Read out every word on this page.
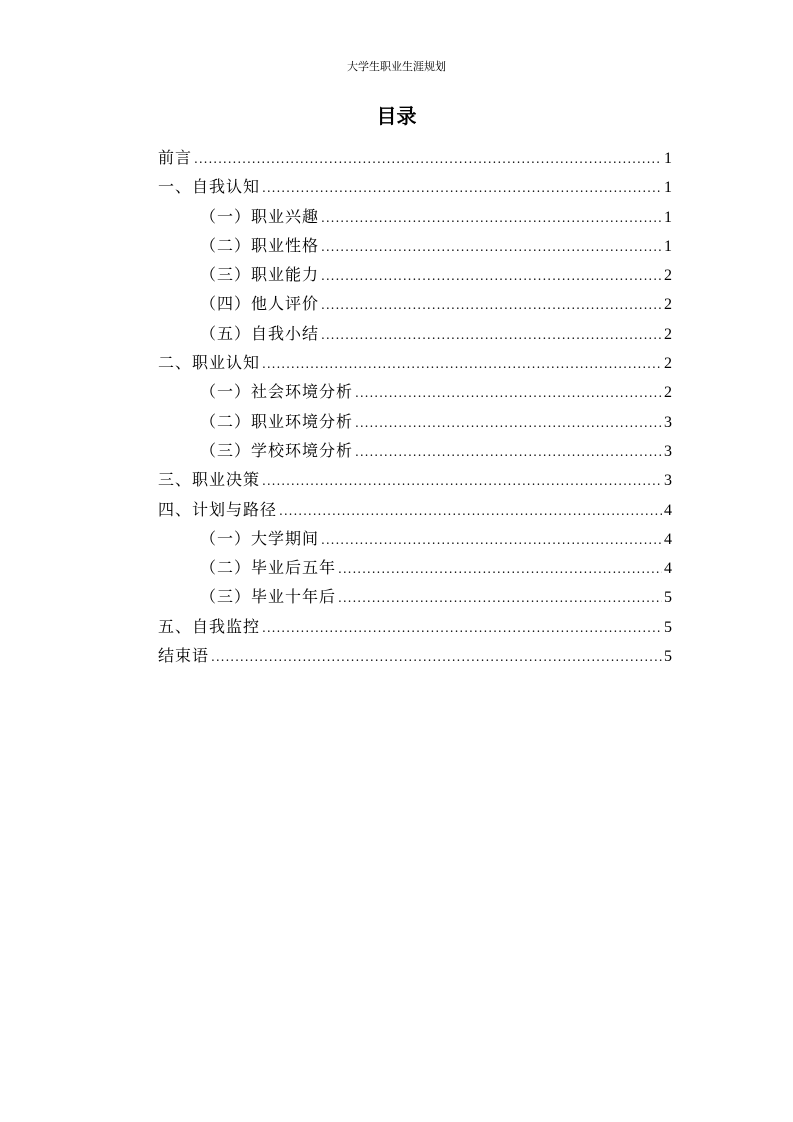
大学生职业生涯规划
目录
前言 .....	1
一、自我认知 .....	1
（一）职业兴趣 .....	1
（二）职业性格 .....	1
（三）职业能力 .....	2
（四）他人评价 .....	2
（五）自我小结 .....	2
二、职业认知 .....	2
（一）社会环境分析 .....	2
（二）职业环境分析 .....	3
（三）学校环境分析 .....	3
三、职业决策 .....	3
四、计划与路径 .....	4
（一）大学期间 .....	4
（二）毕业后五年 .....	4
（三）毕业十年后 .....	5
五、自我监控 .....	5
结束语 .....	5
